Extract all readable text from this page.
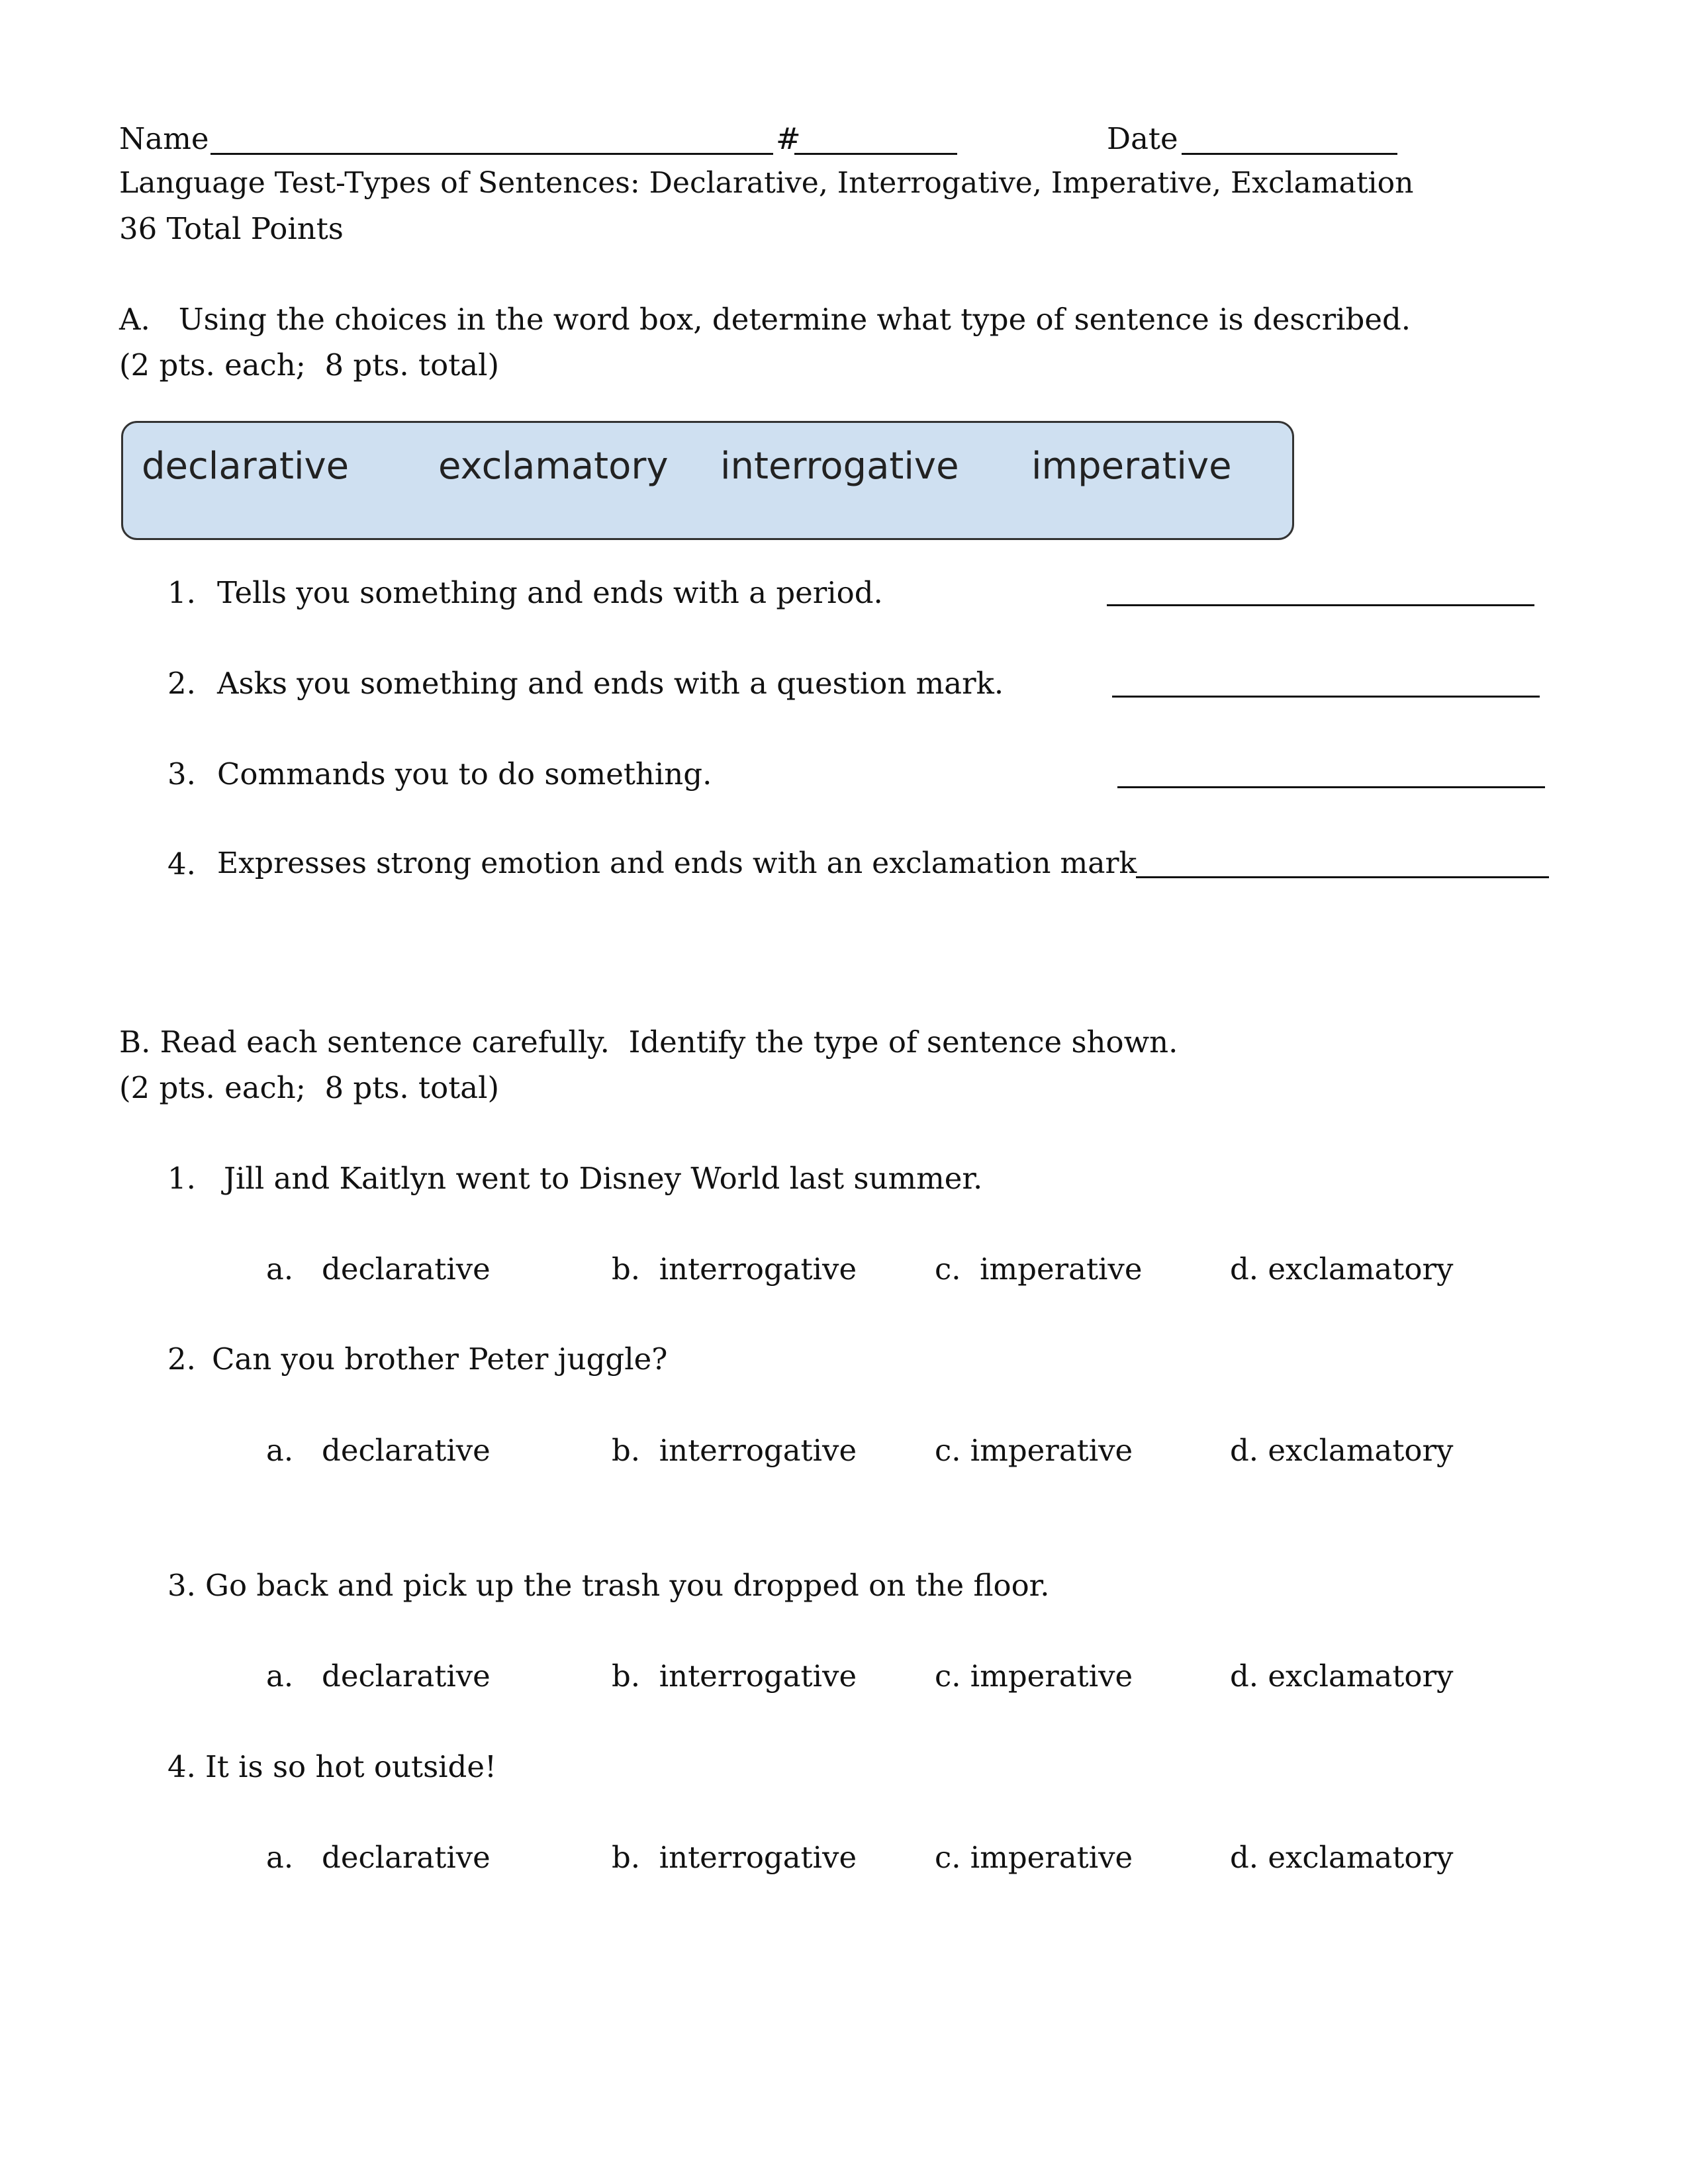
Name	#	Date
Language Test-Types of Sentences: Declarative, Interrogative, Imperative, Exclamation
36 Total Points
A.   Using the choices in the word box, determine what type of sentence is described.
(2 pts. each;  8 pts. total)
declarative exclamatory interrogative imperative
1. Tells you something and ends with a period.
2. Asks you something and ends with a question mark.
3. Commands you to do something.
4. Expresses strong emotion and ends with an exclamation mark
B. Read each sentence carefully.  Identify the type of sentence shown.
(2 pts. each;  8 pts. total)
1. Jill and Kaitlyn went to Disney World last summer.
a.   declarative	b.  interrogative	c.  imperative	d. exclamatory
2. Can you brother Peter juggle?
a.   declarative	b.  interrogative	c. imperative	d. exclamatory
3. Go back and pick up the trash you dropped on the floor.
a.   declarative	b.  interrogative	c. imperative	d. exclamatory
4. It is so hot outside!
a.   declarative	b.  interrogative	c. imperative	d. exclamatory
